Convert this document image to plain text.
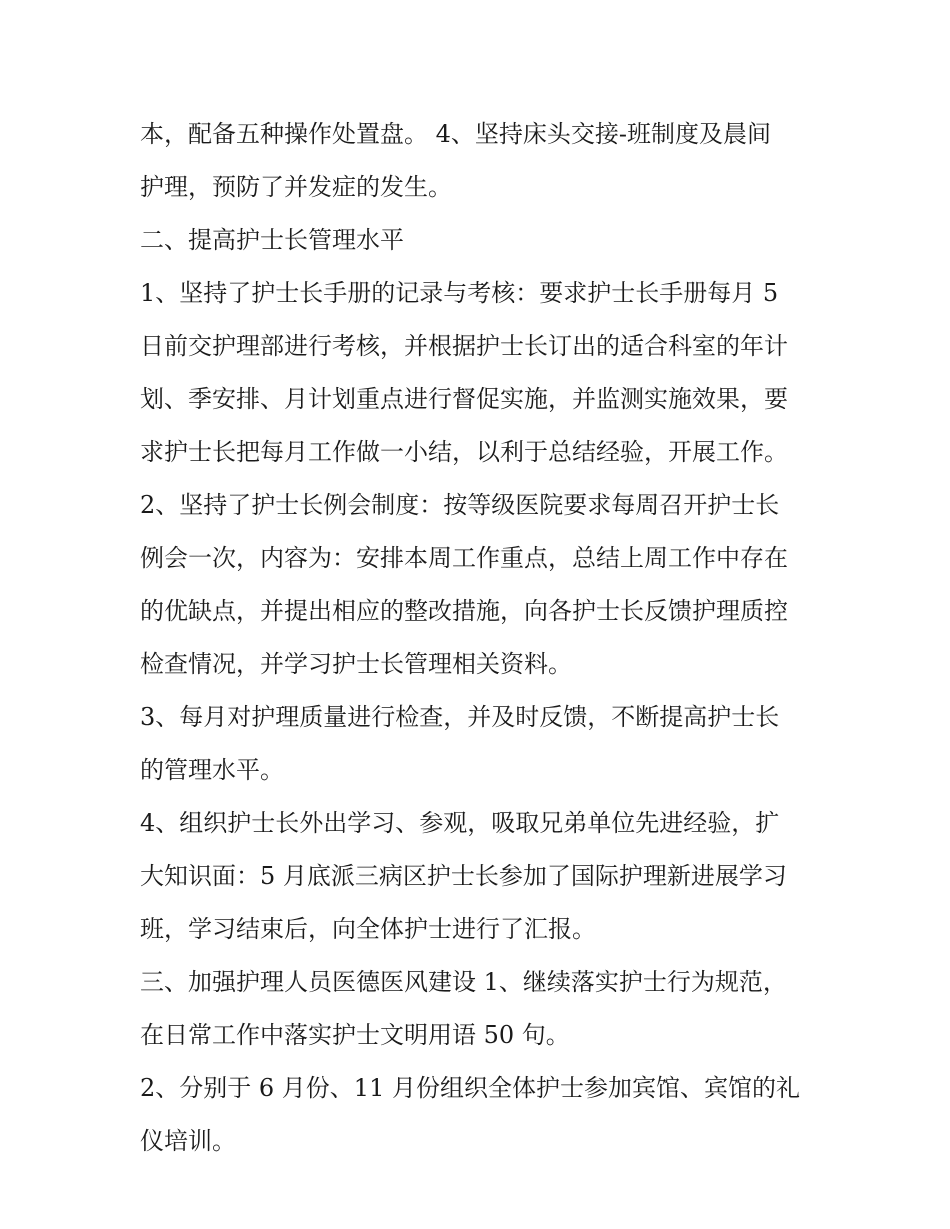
本，配备五种操作处置盘。 4、坚持床头交接-班制度及晨间
护理，预防了并发症的发生。
二、提高护士长管理水平
1、坚持了护士长手册的记录与考核：要求护士长手册每月 5
日前交护理部进行考核，并根据护士长订出的适合科室的年计
划、季安排、月计划重点进行督促实施，并监测实施效果，要
求护士长把每月工作做一小结，以利于总结经验，开展工作。
2、坚持了护士长例会制度：按等级医院要求每周召开护士长
例会一次，内容为：安排本周工作重点，总结上周工作中存在
的优缺点，并提出相应的整改措施，向各护士长反馈护理质控
检查情况，并学习护士长管理相关资料。
3、每月对护理质量进行检查，并及时反馈，不断提高护士长
的管理水平。
4、组织护士长外出学习、参观，吸取兄弟单位先进经验，扩
大知识面：5 月底派三病区护士长参加了国际护理新进展学习
班，学习结束后，向全体护士进行了汇报。
三、加强护理人员医德医风建设 1、继续落实护士行为规范，
在日常工作中落实护士文明用语 50 句。
2、分别于 6 月份、11 月份组织全体护士参加宾馆、宾馆的礼
仪培训。
